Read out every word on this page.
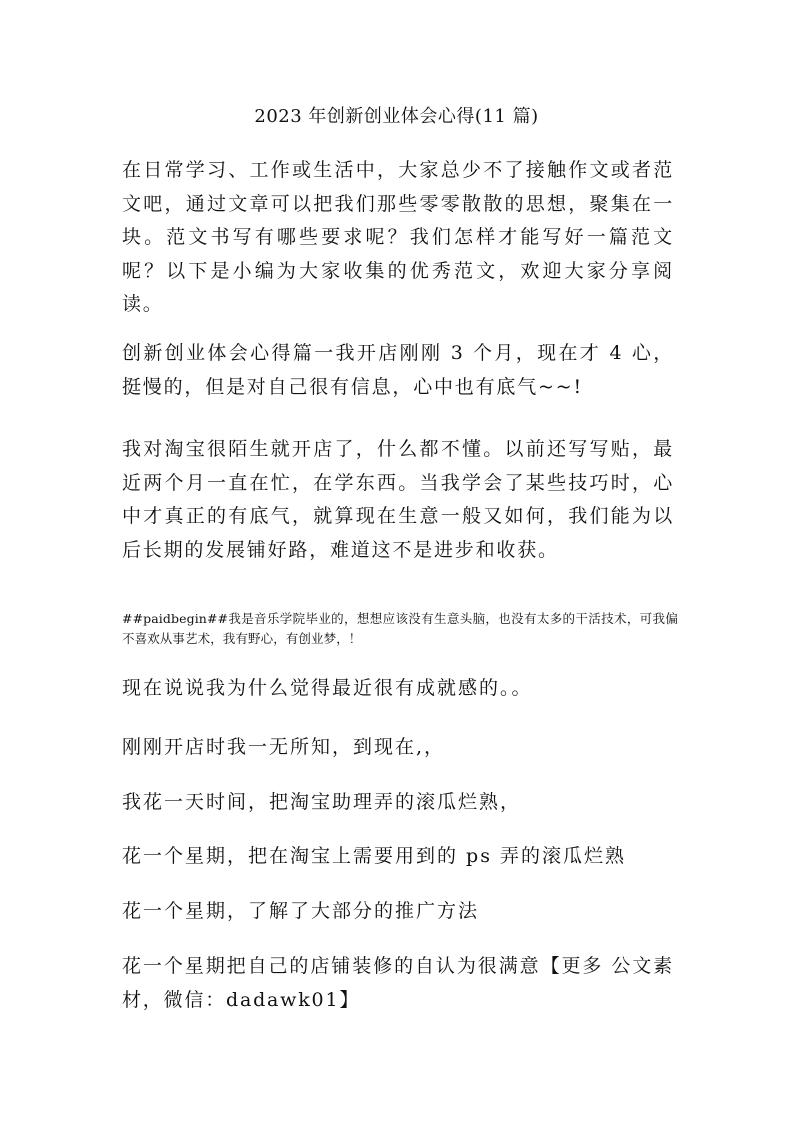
2023 年创新创业体会心得(11 篇)

在日常学习、工作或生活中，大家总少不了接触作文或者范文吧，通过文章可以把我们那些零零散散的思想，聚集在一块。范文书写有哪些要求呢？我们怎样才能写好一篇范文呢？以下是小编为大家收集的优秀范文，欢迎大家分享阅读。

创新创业体会心得篇一我开店刚刚 3 个月，现在才 4 心，挺慢的，但是对自己很有信息，心中也有底气~~!

我对淘宝很陌生就开店了，什么都不懂。以前还写写贴，最近两个月一直在忙，在学东西。当我学会了某些技巧时，心中才真正的有底气，就算现在生意一般又如何，我们能为以后长期的发展铺好路，难道这不是进步和收获。

##paidbegin##我是音乐学院毕业的，想想应该没有生意头脑，也没有太多的干活技术，可我偏不喜欢从事艺术，我有野心，有创业梦，！

现在说说我为什么觉得最近很有成就感的。。

刚刚开店时我一无所知，到现在,，

我花一天时间，把淘宝助理弄的滚瓜烂熟，

花一个星期，把在淘宝上需要用到的 ps 弄的滚瓜烂熟

花一个星期，了解了大部分的推广方法

花一个星期把自己的店铺装修的自认为很满意【更多 公文素材，微信：dadawk01】
